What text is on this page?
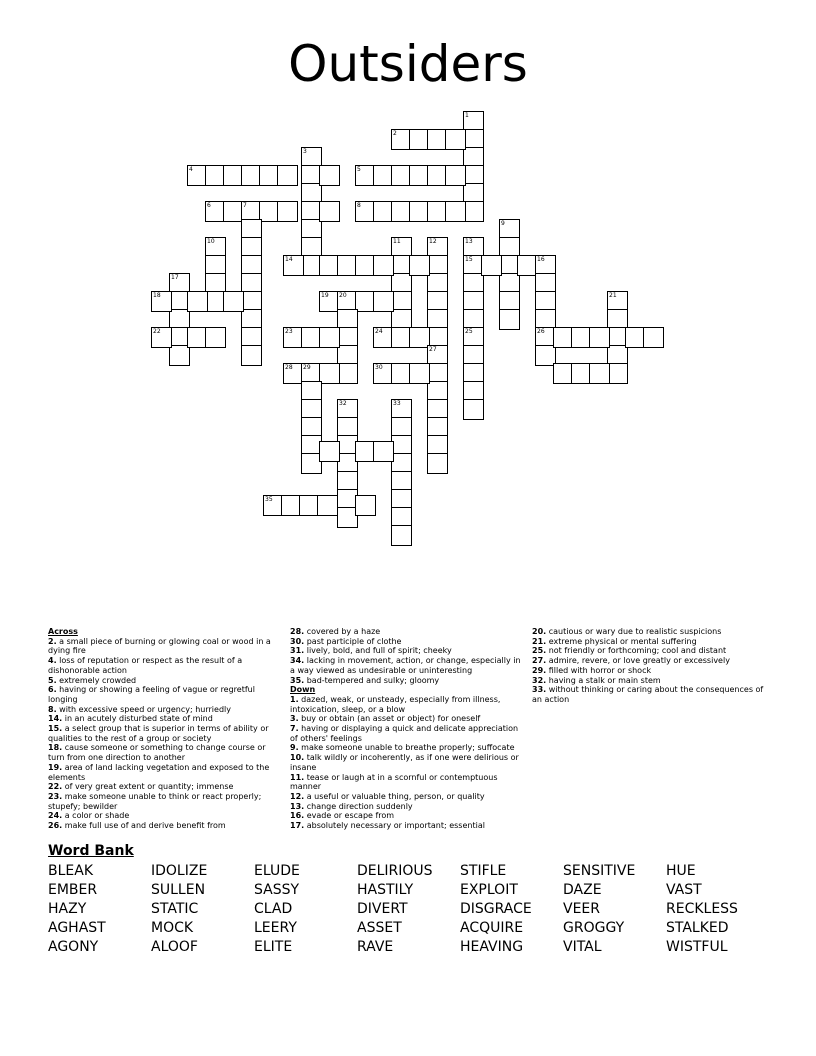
Outsiders
1
2
3
4	5
6	7	8
9
10	11	12	13
15
14	16
26
17
18	19 20	21
22	23	24	25
27
28 29	30
32	33
35
Across
2. a small piece of burning or glowing coal or wood in a dying fire
4. loss of reputation or respect as the result of a dishonorable action
5. extremely crowded
6. having or showing a feeling of vague or regretful longing
8. with excessive speed or urgency; hurriedly
14. in an acutely disturbed state of mind
15. a select group that is superior in terms of ability or qualities to the rest of a group or society
18. cause someone or something to change course or turn from one direction to another
19. area of land lacking vegetation and exposed to the elements
22. of very great extent or quantity; immense
23. make someone unable to think or react properly; stupefy; bewilder
24. a color or shade
26. make full use of and derive benefit from
28. covered by a haze
30. past participle of clothe
31. lively, bold, and full of spirit; cheeky
34. lacking in movement, action, or change, especially in a way viewed as undesirable or uninteresting
35. bad-tempered and sulky; gloomy
Down
1. dazed, weak, or unsteady, especially from illness, intoxication, sleep, or a blow
3. buy or obtain (an asset or object) for oneself
7. having or displaying a quick and delicate appreciation of others' feelings
9. make someone unable to breathe properly; suffocate
10. talk wildly or incoherently, as if one were delirious or insane
11. tease or laugh at in a scornful or contemptuous manner
12. a useful or valuable thing, person, or quality
13. change direction suddenly
16. evade or escape from
17. absolutely necessary or important; essential
20. cautious or wary due to realistic suspicions
21. extreme physical or mental suffering
25. not friendly or forthcoming; cool and distant
27. admire, revere, or love greatly or excessively
29. filled with horror or shock
32. having a stalk or main stem
33. without thinking or caring about the consequences of an action
Word Bank
BLEAK
EMBER
HAZY
AGHAST
AGONY
IDOLIZE
SULLEN
STATIC
MOCK
ALOOF
ELUDE
SASSY
CLAD
LEERY
ELITE
DELIRIOUS
HASTILY
DIVERT
ASSET
RAVE
STIFLE
EXPLOIT
DISGRACE
ACQUIRE
HEAVING
SENSITIVE
DAZE
VEER
GROGGY
VITAL
HUE
VAST
RECKLESS
STALKED
WISTFUL
